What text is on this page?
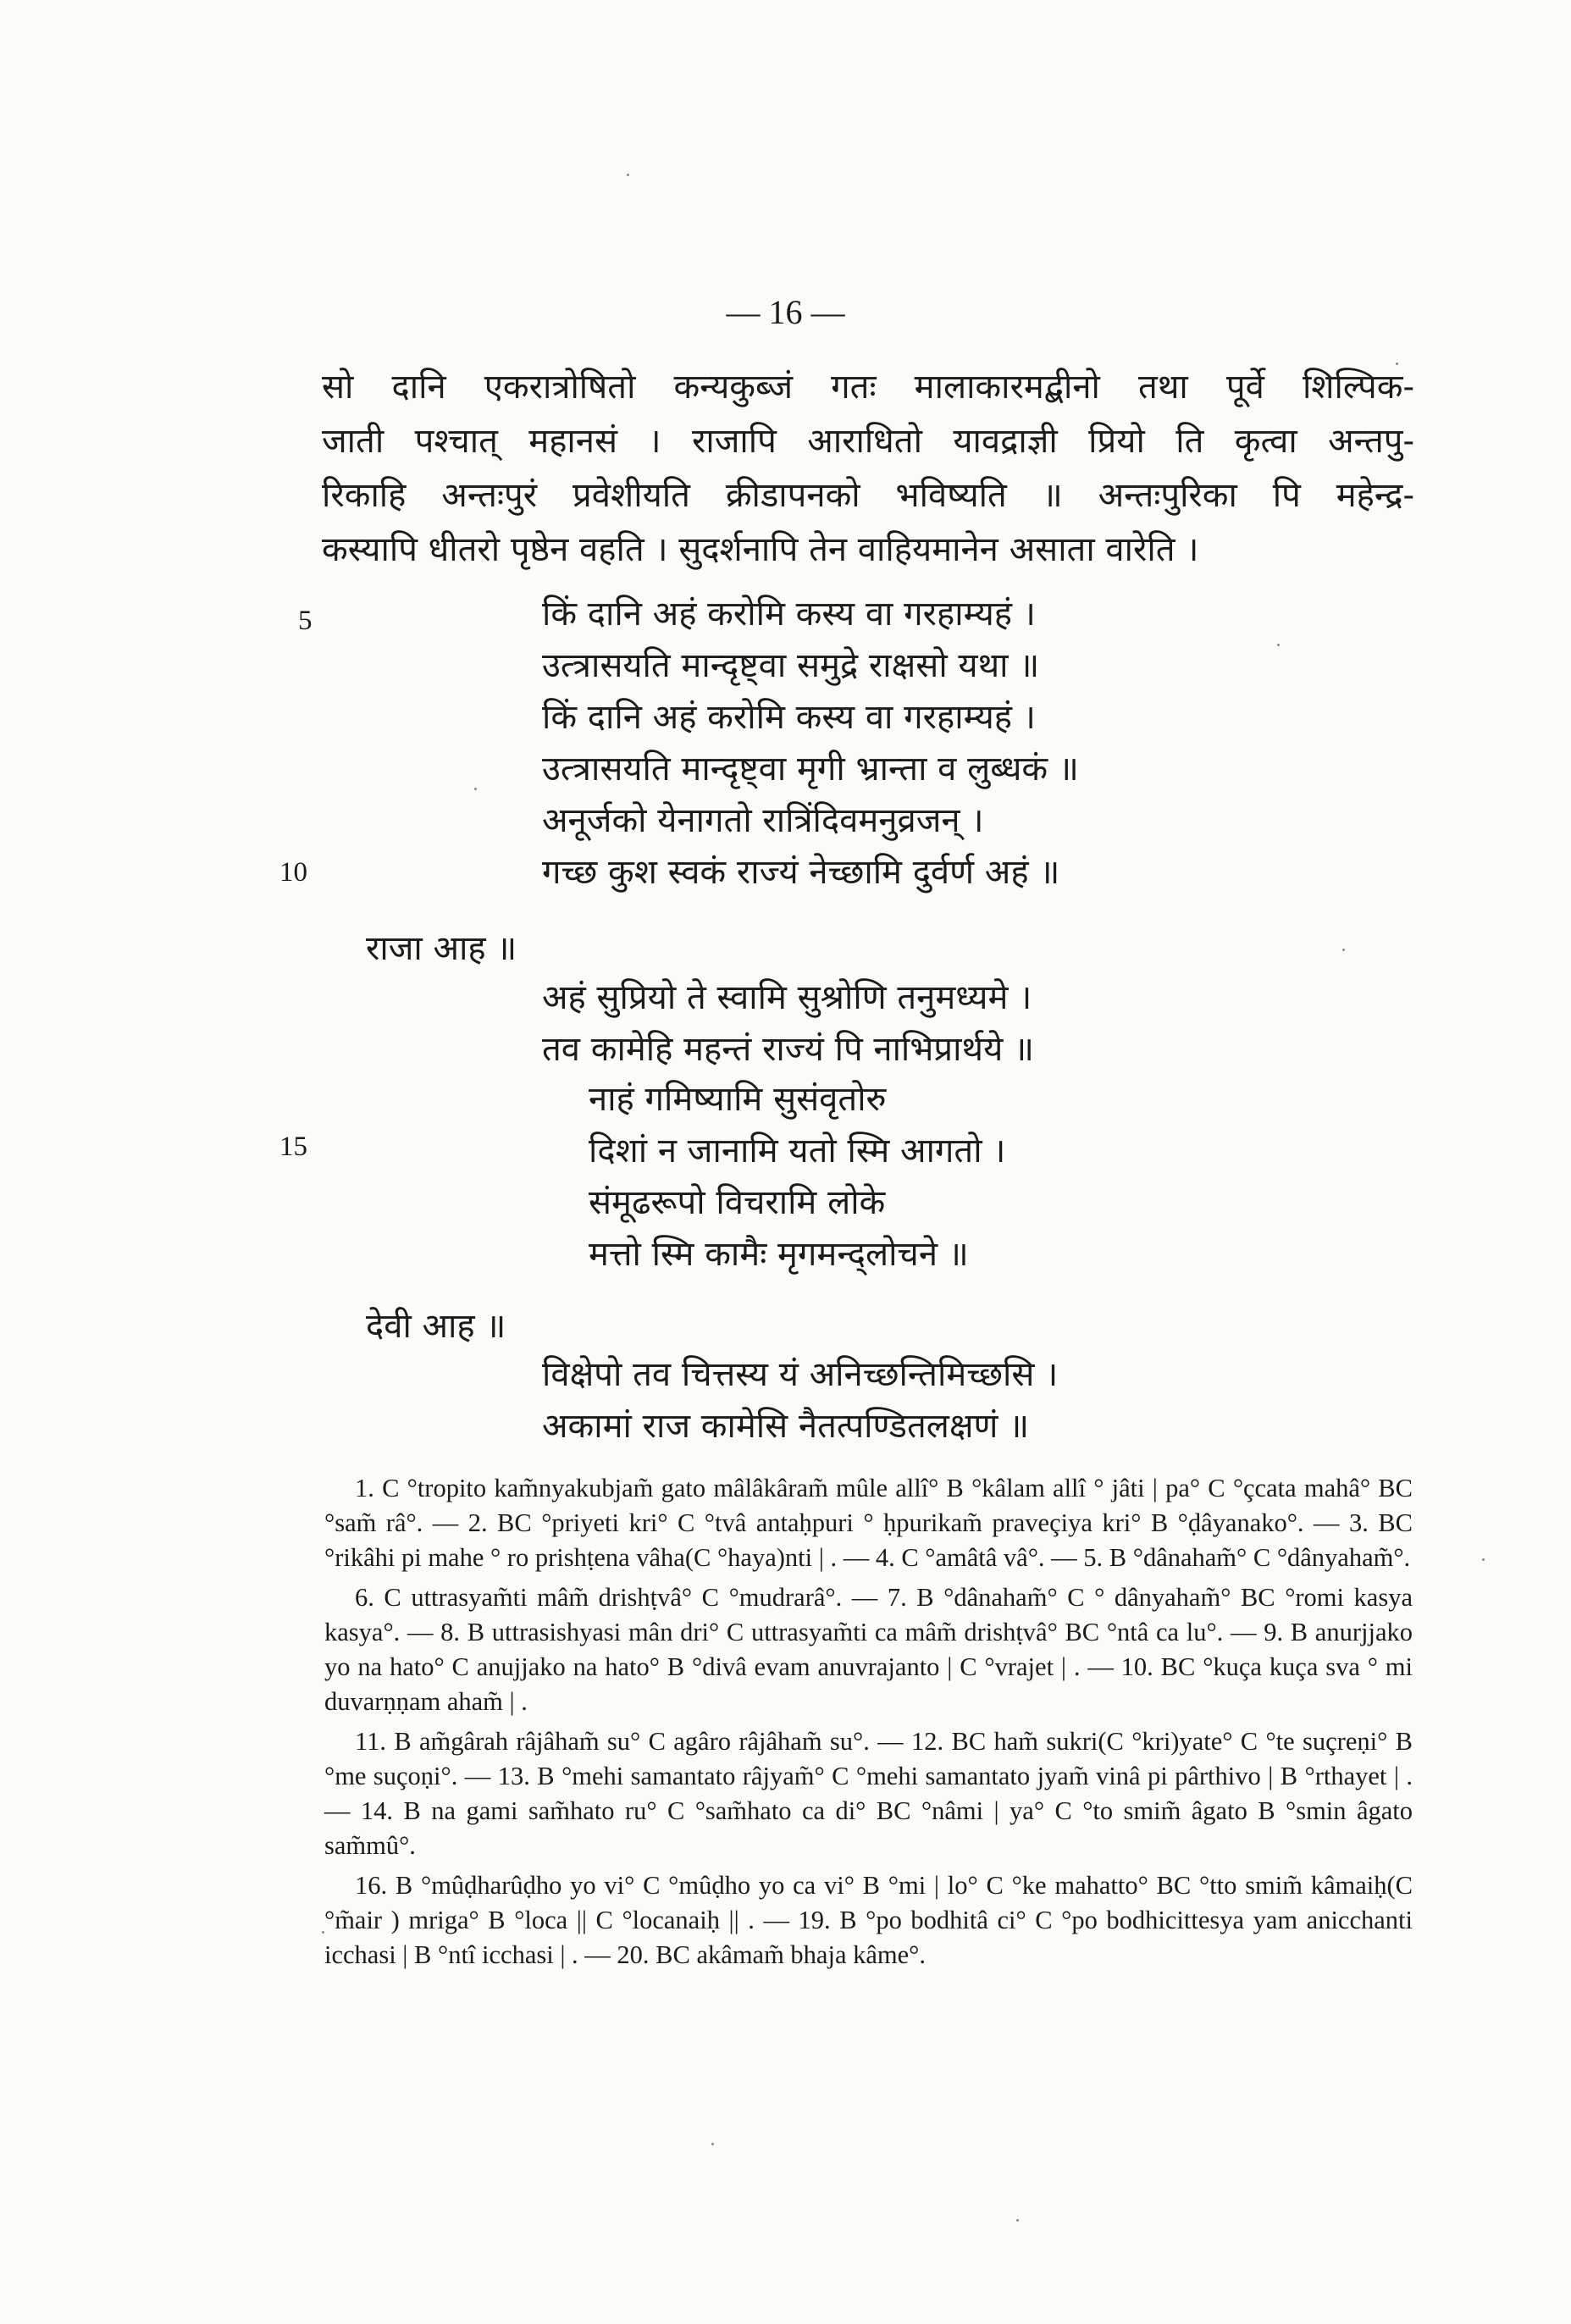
— 16 —

सो दानि एकरात्रोषितो कन्यकुब्जं गतः मालाकारमद्बीनो तथा पूर्वे शिल्पिक-

जाती पश्चात् महानसं । राजापि आराधितो यावद्राज्ञी प्रियो ति कृत्वा अन्तपु-

रिकाहि अन्तःपुरं प्रवेशीयति क्रीडापनको भविष्यति ॥ अन्तःपुरिका पि महेन्द्र-

कस्यापि धीतरो पृष्ठेन वहति । सुदर्शनापि तेन वाहियमानेन असाता वारेति ।

5
10
15
किं दानि अहं करोमि कस्य वा गरहाम्यहं ।
उत्त्रासयति मान्दृष्ट्वा समुद्रे राक्षसो यथा ॥
किं दानि अहं करोमि कस्य वा गरहाम्यहं ।
उत्त्रासयति मान्दृष्ट्वा मृगी भ्रान्ता व लुब्धकं ॥
अनूर्जको येनागतो रात्रिंदिवमनुव्रजन् ।
गच्छ कुश स्वकं राज्यं नेच्छामि दुर्वर्ण अहं ॥
राजा आह ॥
अहं सुप्रियो ते स्वामि सुश्रोणि तनुमध्यमे ।
तव कामेहि महन्तं राज्यं पि नाभिप्रार्थये ॥
नाहं गमिष्यामि सुसंवृतोरु
दिशां न जानामि यतो स्मि आगतो ।
संमूढरूपो विचरामि लोके
मत्तो स्मि कामैः मृगमन्द्लोचने ॥
देवी आह ॥
विक्षेपो तव चित्तस्य यं अनिच्छन्तिमिच्छसि ।
अकामां राज कामेसि नैतत्पण्डितलक्षणं ॥

1. C °tropito kam̃nyakubjam̃ gato mâlâkâram̃ mûle allî° B °kâlam allî ° jâti | pa° C °çcata mahâ° BC °sam̃ râ°. — 2. BC °priyeti kri° C °tvâ antaḥpuri ° ḥpurikam̃ praveçiya kri° B °ḍâyanako°. — 3. BC °rikâhi pi mahe ° ro prishṭena vâha(C °haya)nti | . — 4. C °amâtâ vâ°. — 5. B °dânaham̃° C °dânyaham̃°.

6. C uttrasyam̃ti mâm̃ drishṭvâ° C °mudrarâ°. — 7. B °dânaham̃° C ° dânyaham̃° BC °romi kasya kasya°. — 8. B uttrasishyasi mân dri° C uttrasyam̃ti ca mâm̃ drishṭvâ° BC °ntâ ca lu°. — 9. B anurjjako yo na hato° C anujjako na hato° B °divâ evam anuvrajanto | C °vrajet | . — 10. BC °kuça kuça sva ° mi duvarṇṇam aham̃ | .

11. B am̃gârah râjâham̃ su° C agâro râjâham̃ su°. — 12. BC ham̃ sukri(C °kri)yate° C °te suçreṇi° B °me suçoṇi°. — 13. B °mehi samantato râjyam̃° C °mehi samantato jyam̃ vinâ pi pârthivo | B °rthayet | . — 14. B na gami sam̃hato ru° C °sam̃hato ca di° BC °nâmi | ya° C °to smim̃ âgato B °smin âgato sam̃mû°.

16. B °mûḍharûḍho yo vi° C °mûḍho yo ca vi° B °mi | lo° C °ke mahatto° BC °tto smim̃ kâmaiḥ(C °m̃air ) mriga° B °loca || C °locanaiḥ || . — 19. B °po bodhitâ ci° C °po bodhicittesya yam anicchanti icchasi | B °ntî icchasi | . — 20. BC akâmam̃ bhaja kâme°.
